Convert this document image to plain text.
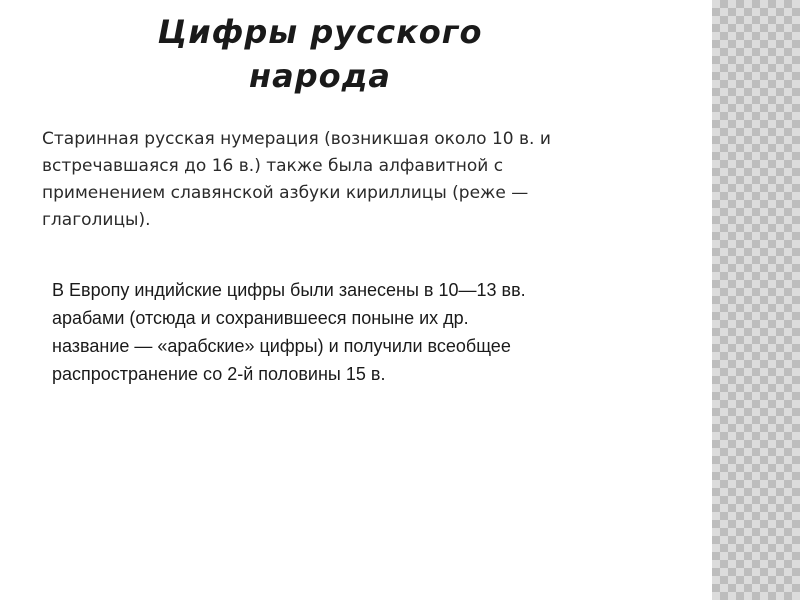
Цифры русского
народа

Старинная русская нумерация (возникшая около 10 в. и
встречавшаяся до 16 в.) также была алфавитной с
применением славянской азбуки кириллицы (реже —
глаголицы).

В Европу индийские цифры были занесены в 10—13 вв.
арабами (отсюда и сохранившееся поныне их др.
название — «арабские» цифры) и получили всеобщее
распространение со 2-й половины 15 в.
